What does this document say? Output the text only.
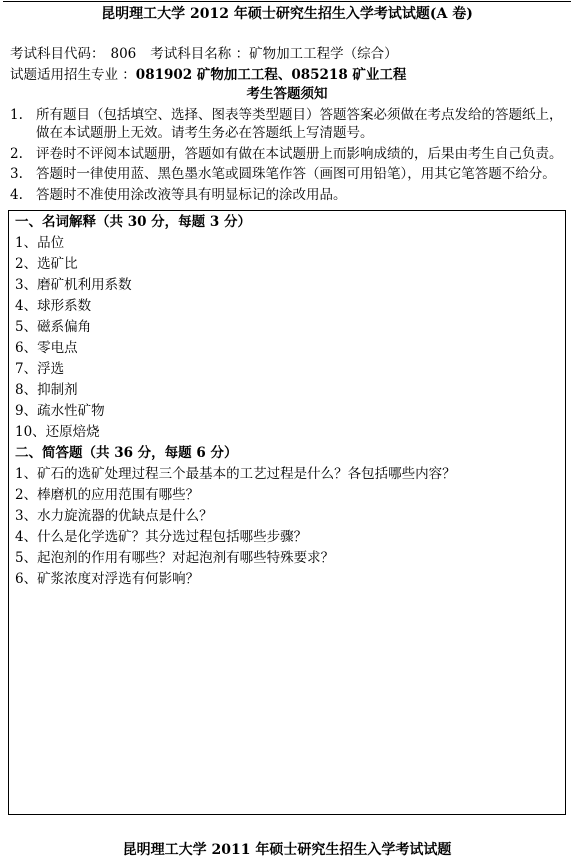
昆明理工大学 2012 年硕士研究生招生入学考试试题(A 卷)
考试科目代码： 806 考试科目名称 ：矿物加工工程学（综合）
试题适用招生专业 ：081902 矿物加工工程、085218 矿业工程
考生答题须知
1. 所有题目（包括填空、选择、图表等类型题目）答题答案必须做在考点发给的答题纸上，做在本试题册上无效。请考生务必在答题纸上写清题号。
2. 评卷时不评阅本试题册，答题如有做在本试题册上而影响成绩的，后果由考生自己负责。
3. 答题时一律使用蓝、黑色墨水笔或圆珠笔作答（画图可用铅笔），用其它笔答题不给分。
4. 答题时不准使用涂改液等具有明显标记的涂改用品。
一、名词解释（共 30 分，每题 3 分）
1、品位
2、选矿比
3、磨矿机利用系数
4、球形系数
5、磁系偏角
6、零电点
7、浮选
8、抑制剂
9、疏水性矿物
10、还原焙烧
二、简答题（共 36 分，每题 6 分）
1、矿石的选矿处理过程三个最基本的工艺过程是什么？各包括哪些内容？
2、棒磨机的应用范围有哪些？
3、水力旋流器的优缺点是什么？
4、什么是化学选矿？其分选过程包括哪些步骤？
5、起泡剂的作用有哪些？对起泡剂有哪些特殊要求？
6、矿浆浓度对浮选有何影响？
昆明理工大学 2011 年硕士研究生招生入学考试试题
